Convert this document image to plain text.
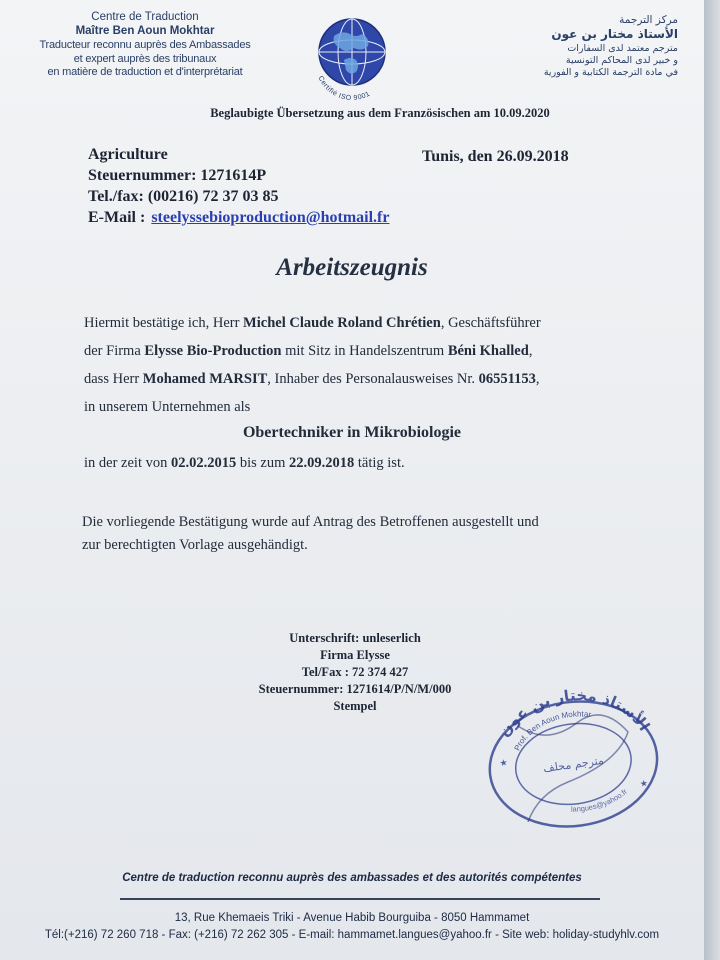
Centre de Traduction
Maître Ben Aoun Mokhtar
Traducteur reconnu auprès des Ambassades
et expert auprès des tribunaux
en matière de traduction et d'interprétariat
Certifié ISO 9001
مركز الترجمة
الأستاذ مختار بن عون
مترجم معتمد لدى السفارات
و خبير لدى المحاكم التونسية
في مادة الترجمة الكتابية و الفورية
Beglaubigte Übersetzung aus dem Französischen am 10.09.2020
Agriculture
Steuernummer: 1271614P
Tel./fax: (00216) 72 37 03 85
E-Mail : steelyssebioproduction@hotmail.fr
Tunis, den 26.09.2018
Arbeitszeugnis
Hiermit bestätige ich, Herr Michel Claude Roland Chrétien, Geschäftsführer
der Firma Elysse Bio-Production mit Sitz in Handelszentrum Béni Khalled,
dass Herr Mohamed MARSIT, Inhaber des Personalausweises Nr. 06551153,
in unserem Unternehmen als
Obertechniker in Mikrobiologie
in der zeit von 02.02.2015 bis zum 22.09.2018 tätig ist.
Die vorliegende Bestätigung wurde auf Antrag des Betroffenen ausgestellt und
zur berechtigten Vorlage ausgehändigt.
Unterschrift: unleserlich
Firma Elysse
Tel/Fax : 72 374 427
Steuernummer: 1271614/P/N/M/000
Stempel
الأستاذ مختار بن عون
Prof. Ben Aoun Mokhtar
مترجم محلف
langues@yahoo.fr
★
★
Centre de traduction reconnu auprès des ambassades et des autorités compétentes
13, Rue Khemaeis Triki - Avenue Habib Bourguiba - 8050 Hammamet
Tél:(+216) 72 260 718 - Fax: (+216) 72 262 305 - E-mail: hammamet.langues@yahoo.fr - Site web: holiday-studyhlv.com
